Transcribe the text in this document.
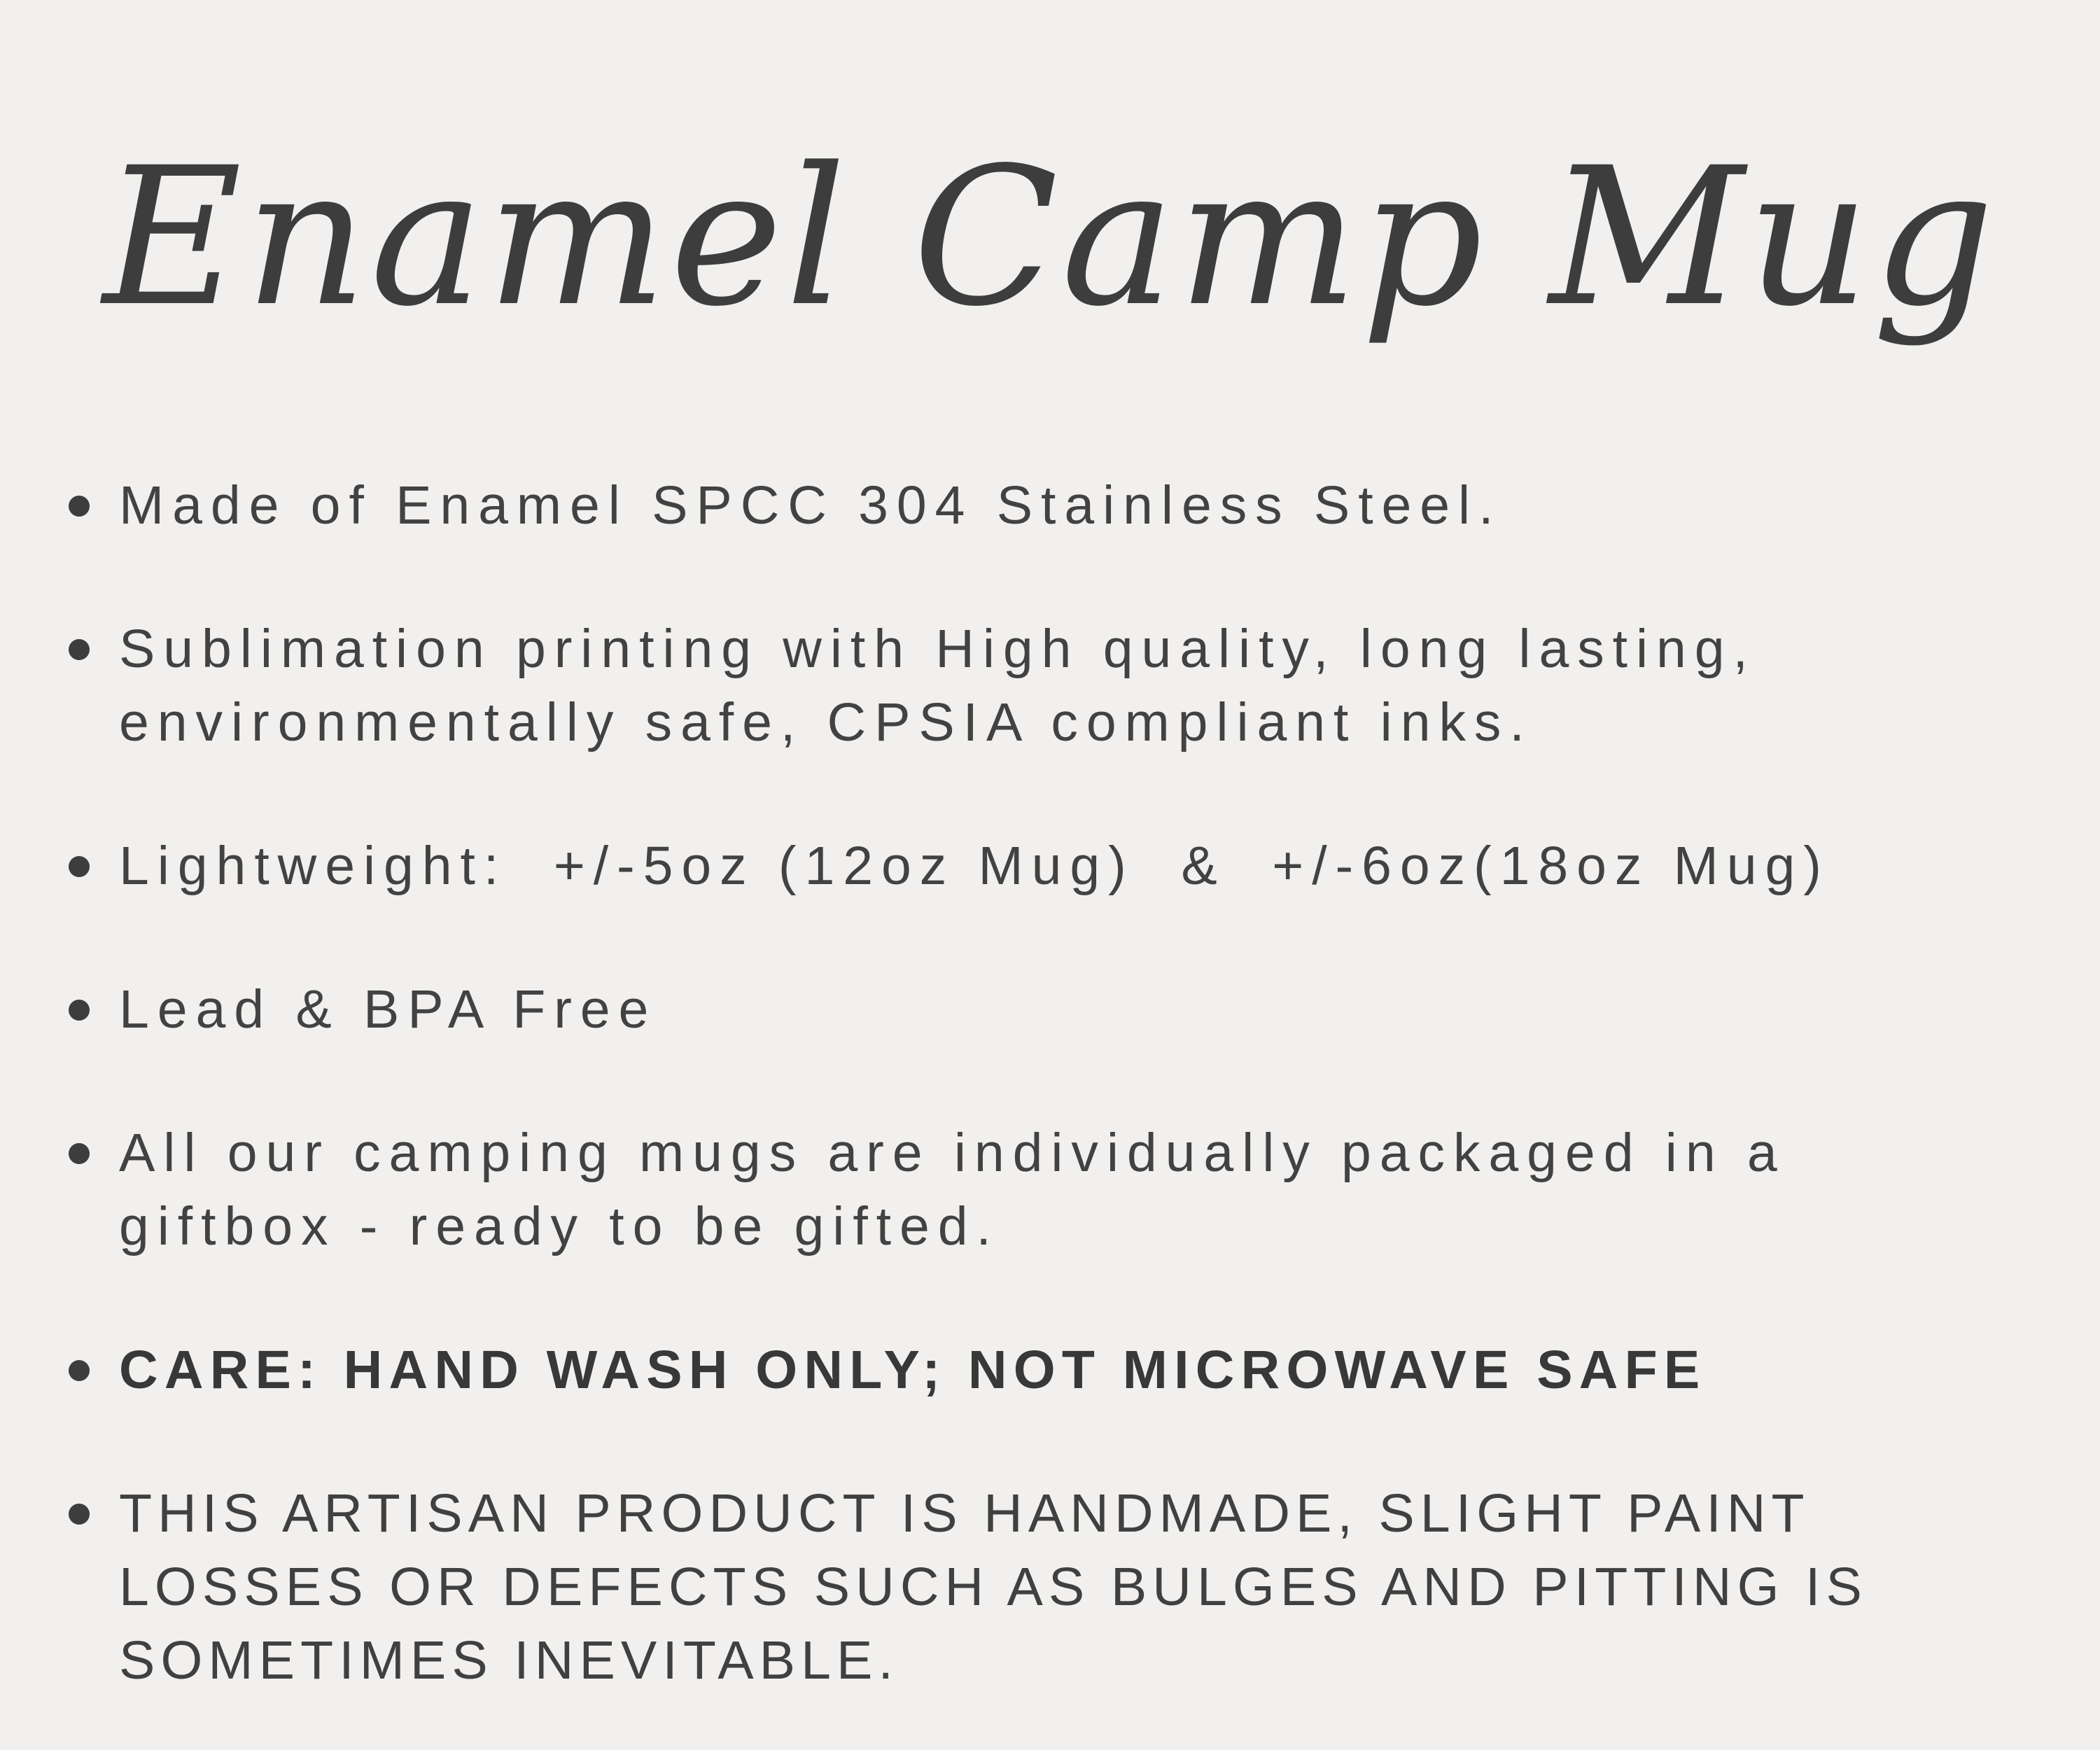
Enamel Camp Mug
Made of Enamel SPCC 304 Stainless Steel.
Sublimation printing with High quality, long lasting,
environmentally safe, CPSIA compliant inks.
Lightweight:  +/-5oz (12oz Mug)  &  +/-6oz(18oz Mug)
Lead & BPA Free
All our camping mugs are individually packaged in a
giftbox - ready to be gifted.
CARE: HAND WASH ONLY; NOT MICROWAVE SAFE
THIS ARTISAN PRODUCT IS HANDMADE, SLIGHT PAINT
LOSSES OR DEFECTS SUCH AS BULGES AND PITTING IS
SOMETIMES INEVITABLE.
